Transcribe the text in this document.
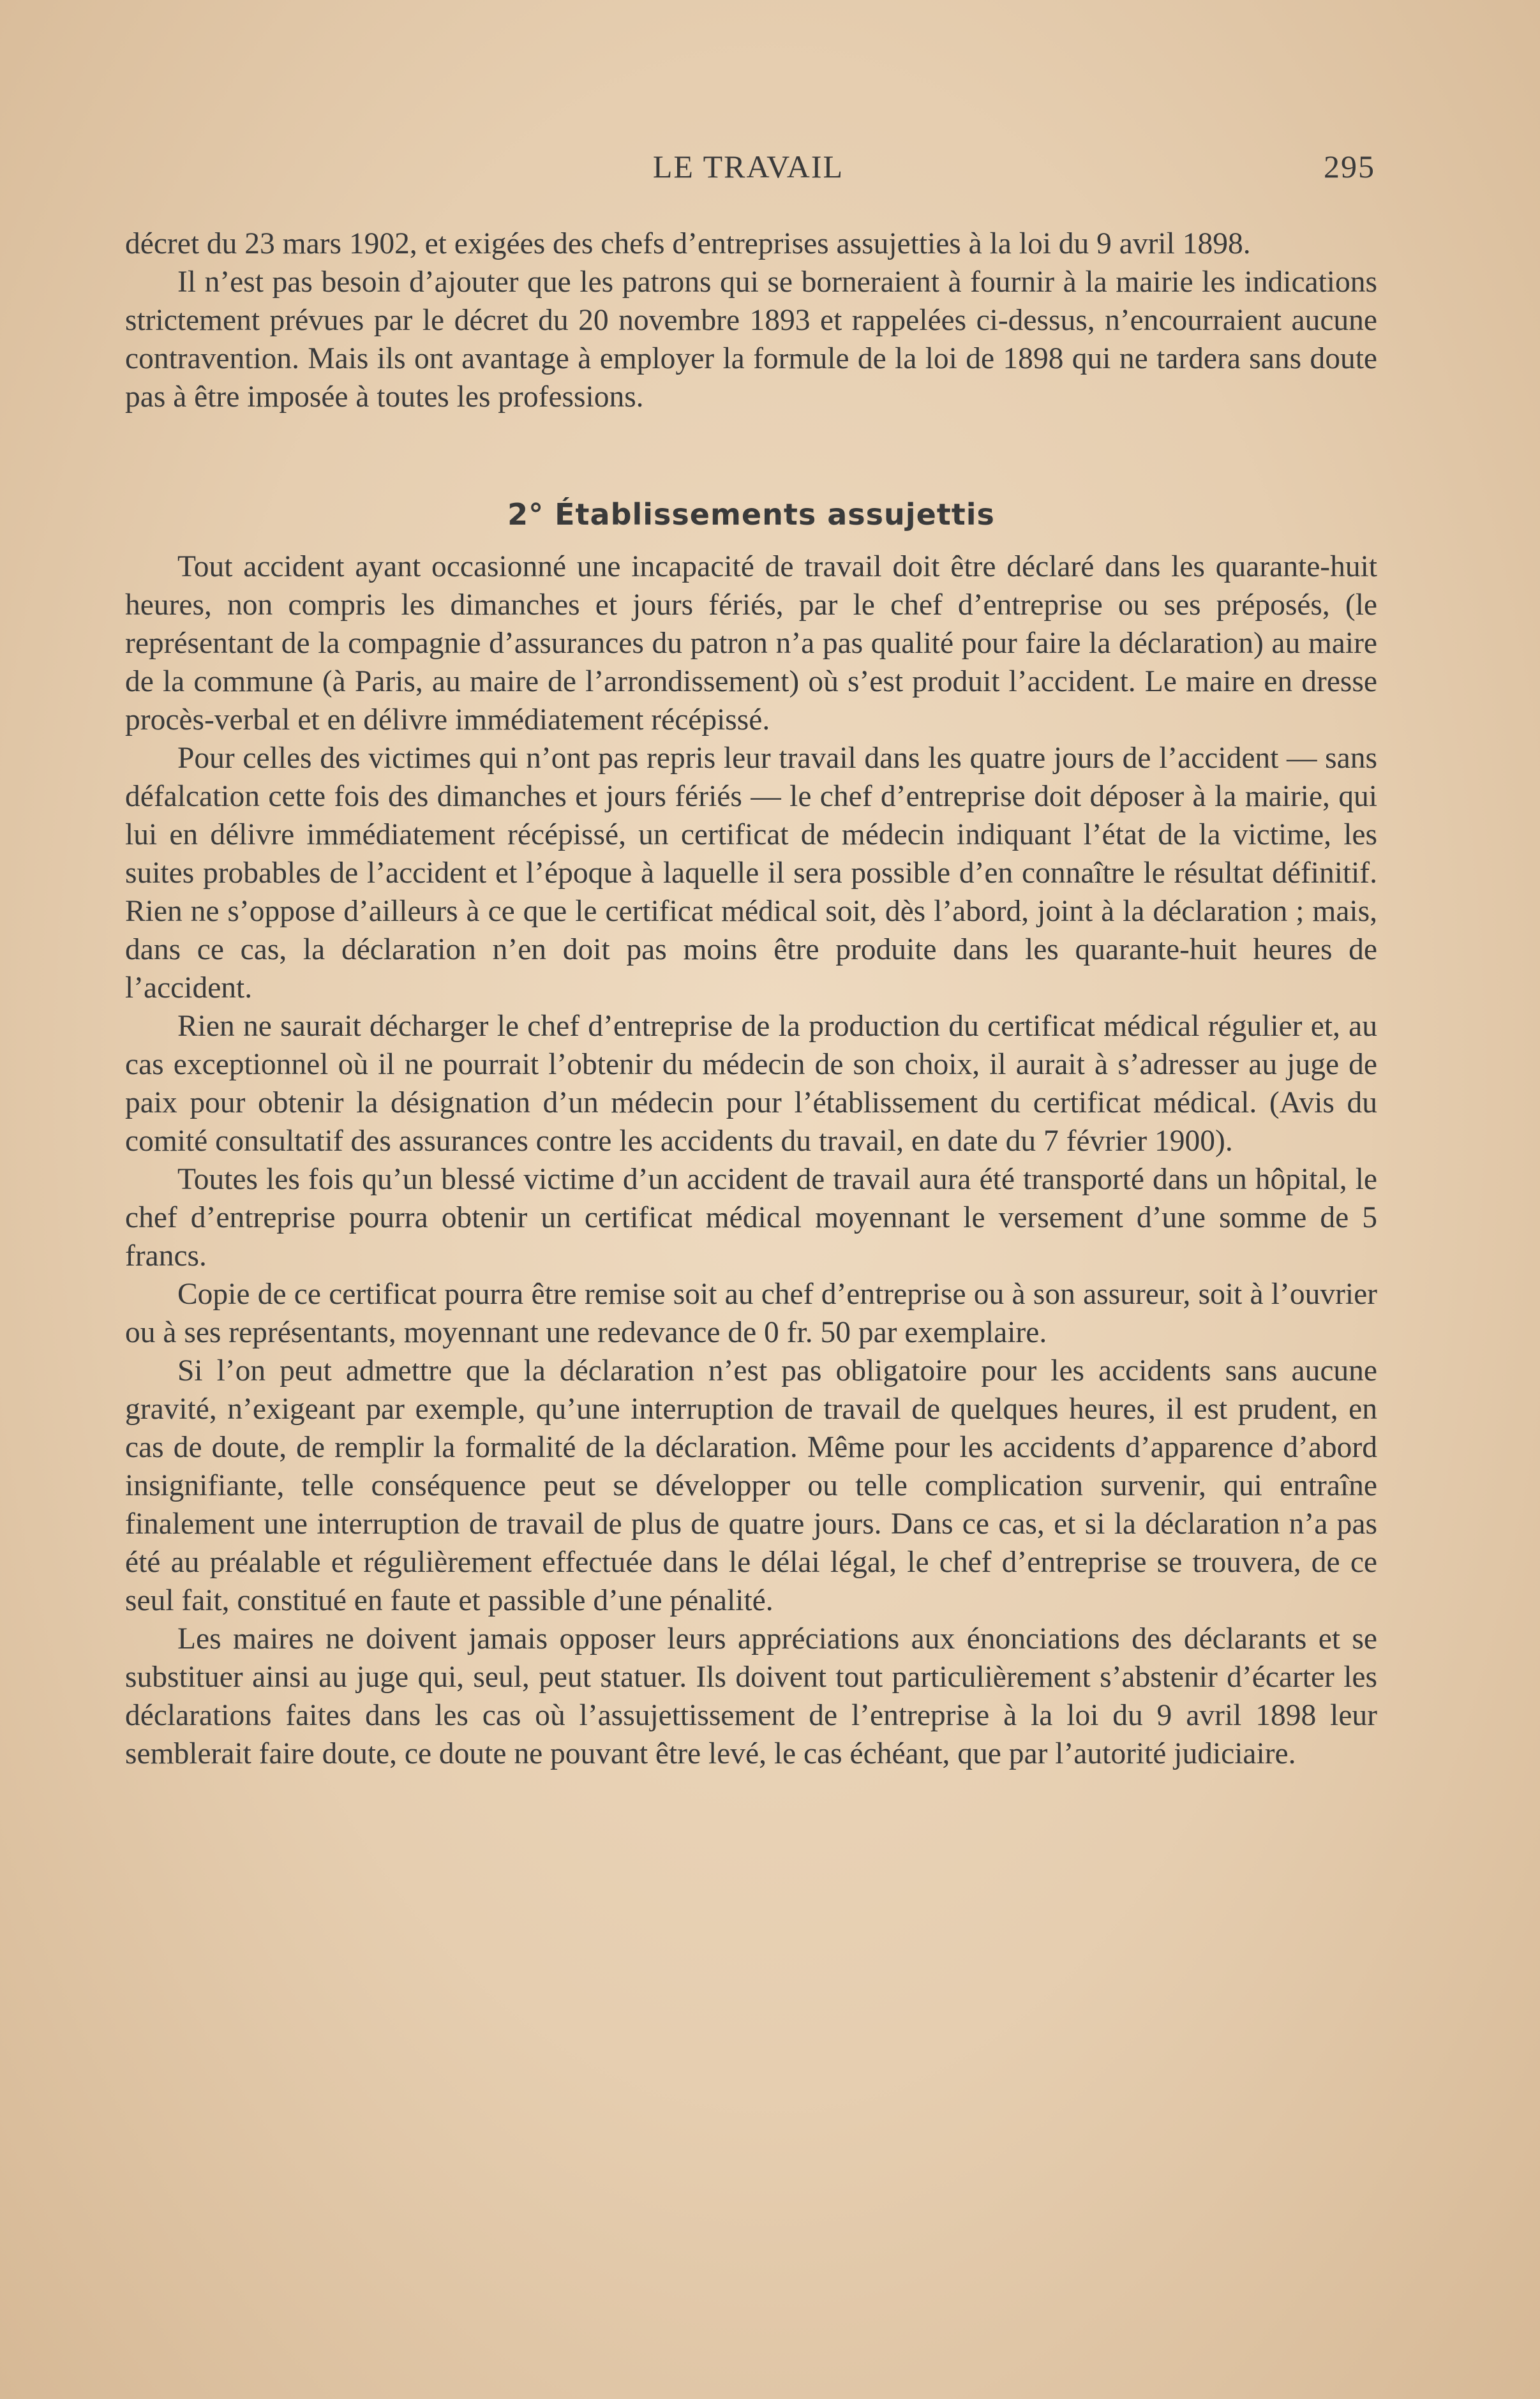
LE TRAVAIL	295

décret du 23 mars 1902, et exigées des chefs d’entreprises assujetties à la loi du 9 avril 1898.

Il n’est pas besoin d’ajouter que les patrons qui se borneraient à fournir à la mairie les indications strictement prévues par le décret du 20 novembre 1893 et rappelées ci-dessus, n’encourraient aucune contravention. Mais ils ont avantage à employer la formule de la loi de 1898 qui ne tardera sans doute pas à être imposée à toutes les professions.

2° Établissements assujettis

Tout accident ayant occasionné une incapacité de travail doit être déclaré dans les quarante-huit heures, non compris les dimanches et jours fériés, par le chef d’entreprise ou ses préposés, (le représentant de la compagnie d’assurances du patron n’a pas qualité pour faire la déclaration) au maire de la commune (à Paris, au maire de l’arrondissement) où s’est produit l’accident. Le maire en dresse procès-verbal et en délivre immédiatement récépissé.

Pour celles des victimes qui n’ont pas repris leur travail dans les quatre jours de l’accident — sans défalcation cette fois des dimanches et jours fériés — le chef d’entreprise doit déposer à la mairie, qui lui en délivre immédiatement récépissé, un certificat de médecin indiquant l’état de la victime, les suites probables de l’accident et l’époque à laquelle il sera possible d’en connaître le résultat définitif. Rien ne s’oppose d’ailleurs à ce que le certificat médical soit, dès l’abord, joint à la déclaration ; mais, dans ce cas, la déclaration n’en doit pas moins être produite dans les quarante-huit heures de l’accident.

Rien ne saurait décharger le chef d’entreprise de la production du certificat médical régulier et, au cas exceptionnel où il ne pourrait l’obtenir du médecin de son choix, il aurait à s’adresser au juge de paix pour obtenir la désignation d’un médecin pour l’établissement du certificat médical. (Avis du comité consultatif des assurances contre les accidents du travail, en date du 7 février 1900).

Toutes les fois qu’un blessé victime d’un accident de travail aura été transporté dans un hôpital, le chef d’entreprise pourra obtenir un certificat médical moyennant le versement d’une somme de 5 francs.

Copie de ce certificat pourra être remise soit au chef d’entreprise ou à son assureur, soit à l’ouvrier ou à ses représentants, moyennant une redevance de 0 fr. 50 par exemplaire.

Si l’on peut admettre que la déclaration n’est pas obligatoire pour les accidents sans aucune gravité, n’exigeant par exemple, qu’une interruption de travail de quelques heures, il est prudent, en cas de doute, de remplir la formalité de la déclaration. Même pour les accidents d’apparence d’abord insignifiante, telle conséquence peut se développer ou telle complication survenir, qui entraîne finalement une interruption de travail de plus de quatre jours. Dans ce cas, et si la déclaration n’a pas été au préalable et régulièrement effectuée dans le délai légal, le chef d’entreprise se trouvera, de ce seul fait, constitué en faute et passible d’une pénalité.

Les maires ne doivent jamais opposer leurs appréciations aux énonciations des déclarants et se substituer ainsi au juge qui, seul, peut statuer. Ils doivent tout particulièrement s’abstenir d’écarter les déclarations faites dans les cas où l’assujettissement de l’entreprise à la loi du 9 avril 1898 leur semblerait faire doute, ce doute ne pouvant être levé, le cas échéant, que par l’autorité judiciaire.
